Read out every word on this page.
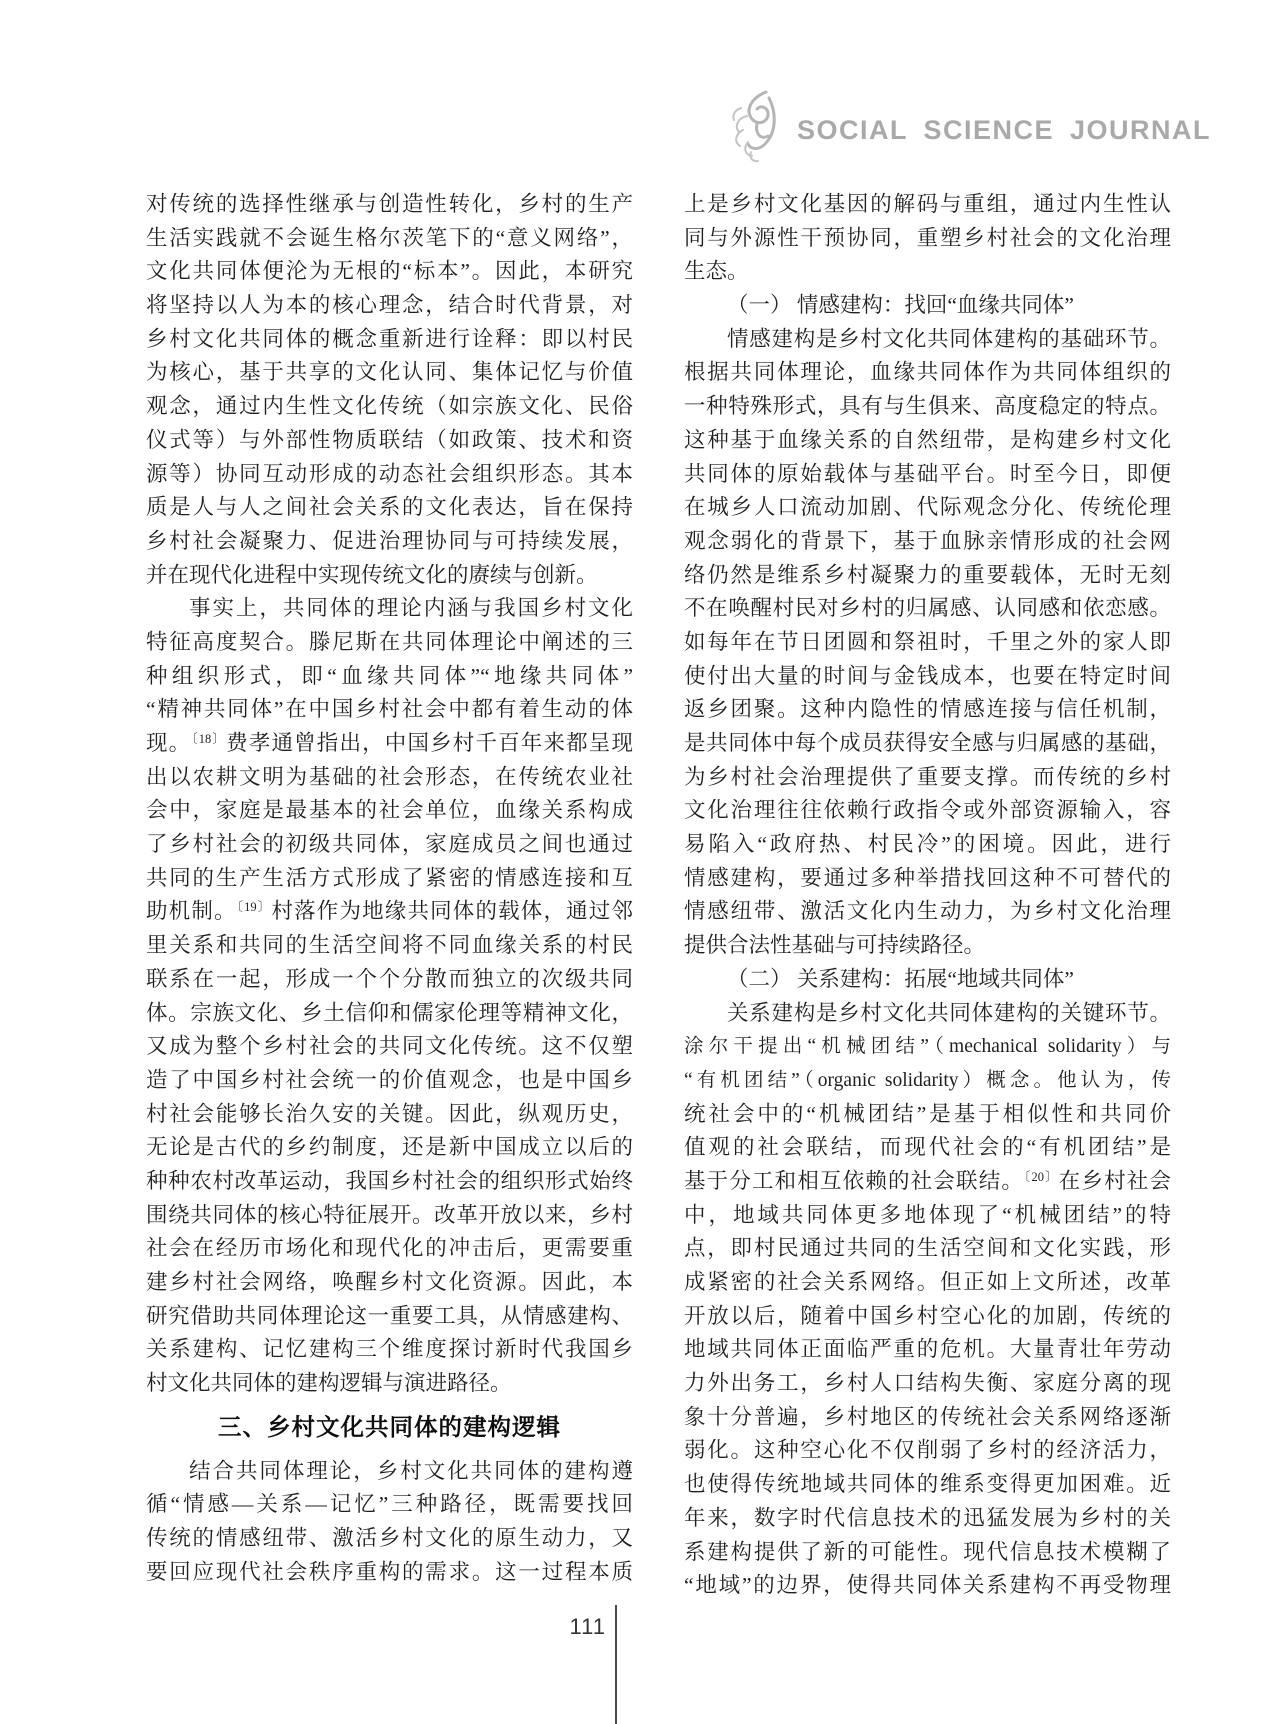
SOCIAL SCIENCE JOURNAL
对传统的选择性继承与创造性转化，乡村的生产
生活实践就不会诞生格尔茨笔下的“意义网络”，
文化共同体便沦为无根的“标本”。因此，本研究
将坚持以人为本的核心理念，结合时代背景，对
乡村文化共同体的概念重新进行诠释：即以村民
为核心，基于共享的文化认同、集体记忆与价值
观念，通过内生性文化传统（如宗族文化、民俗
仪式等）与外部性物质联结（如政策、技术和资
源等）协同互动形成的动态社会组织形态。其本
质是人与人之间社会关系的文化表达，旨在保持
乡村社会凝聚力、促进治理协同与可持续发展，
并在现代化进程中实现传统文化的赓续与创新。
事实上，共同体的理论内涵与我国乡村文化
特征高度契合。滕尼斯在共同体理论中阐述的三
种组织形式，即“血缘共同体”“地缘共同体”
“精神共同体”在中国乡村社会中都有着生动的体
现。$^{〔18〕}$费孝通曾指出，中国乡村千百年来都呈现
出以农耕文明为基础的社会形态，在传统农业社
会中，家庭是最基本的社会单位，血缘关系构成
了乡村社会的初级共同体，家庭成员之间也通过
共同的生产生活方式形成了紧密的情感连接和互
助机制。$^{〔19〕}$村落作为地缘共同体的载体，通过邻
里关系和共同的生活空间将不同血缘关系的村民
联系在一起，形成一个个分散而独立的次级共同
体。宗族文化、乡土信仰和儒家伦理等精神文化，
又成为整个乡村社会的共同文化传统。这不仅塑
造了中国乡村社会统一的价值观念，也是中国乡
村社会能够长治久安的关键。因此，纵观历史，
无论是古代的乡约制度，还是新中国成立以后的
种种农村改革运动，我国乡村社会的组织形式始终
围绕共同体的核心特征展开。改革开放以来，乡村
社会在经历市场化和现代化的冲击后，更需要重
建乡村社会网络，唤醒乡村文化资源。因此，本
研究借助共同体理论这一重要工具，从情感建构、
关系建构、记忆建构三个维度探讨新时代我国乡
村文化共同体的建构逻辑与演进路径。
三、乡村文化共同体的建构逻辑
结合共同体理论，乡村文化共同体的建构遵
循“情感—关系—记忆”三种路径，既需要找回
传统的情感纽带、激活乡村文化的原生动力，又
要回应现代社会秩序重构的需求。这一过程本质
上是乡村文化基因的解码与重组，通过内生性认
同与外源性干预协同，重塑乡村社会的文化治理
生态。
（一） 情感建构：找回“血缘共同体”
情感建构是乡村文化共同体建构的基础环节。
根据共同体理论，血缘共同体作为共同体组织的
一种特殊形式，具有与生俱来、高度稳定的特点。
这种基于血缘关系的自然纽带，是构建乡村文化
共同体的原始载体与基础平台。时至今日，即便
在城乡人口流动加剧、代际观念分化、传统伦理
观念弱化的背景下，基于血脉亲情形成的社会网
络仍然是维系乡村凝聚力的重要载体，无时无刻
不在唤醒村民对乡村的归属感、认同感和依恋感。
如每年在节日团圆和祭祖时，千里之外的家人即
使付出大量的时间与金钱成本，也要在特定时间
返乡团聚。这种内隐性的情感连接与信任机制，
是共同体中每个成员获得安全感与归属感的基础，
为乡村社会治理提供了重要支撑。而传统的乡村
文化治理往往依赖行政指令或外部资源输入，容
易陷入“政府热、村民冷”的困境。因此，进行
情感建构，要通过多种举措找回这种不可替代的
情感纽带、激活文化内生动力，为乡村文化治理
提供合法性基础与可持续路径。
（二） 关系建构：拓展“地域共同体”
关系建构是乡村文化共同体建构的关键环节。
涂尔干提出“机械团结”（mechanical solidarity）与
“有机团结”（organic solidarity）概念。他认为，传
统社会中的“机械团结”是基于相似性和共同价
值观的社会联结，而现代社会的“有机团结”是
基于分工和相互依赖的社会联结。$^{〔20〕}$在乡村社会
中，地域共同体更多地体现了“机械团结”的特
点，即村民通过共同的生活空间和文化实践，形
成紧密的社会关系网络。但正如上文所述，改革
开放以后，随着中国乡村空心化的加剧，传统的
地域共同体正面临严重的危机。大量青壮年劳动
力外出务工，乡村人口结构失衡、家庭分离的现
象十分普遍，乡村地区的传统社会关系网络逐渐
弱化。这种空心化不仅削弱了乡村的经济活力，
也使得传统地域共同体的维系变得更加困难。近
年来，数字时代信息技术的迅猛发展为乡村的关
系建构提供了新的可能性。现代信息技术模糊了
“地域”的边界，使得共同体关系建构不再受物理
111
